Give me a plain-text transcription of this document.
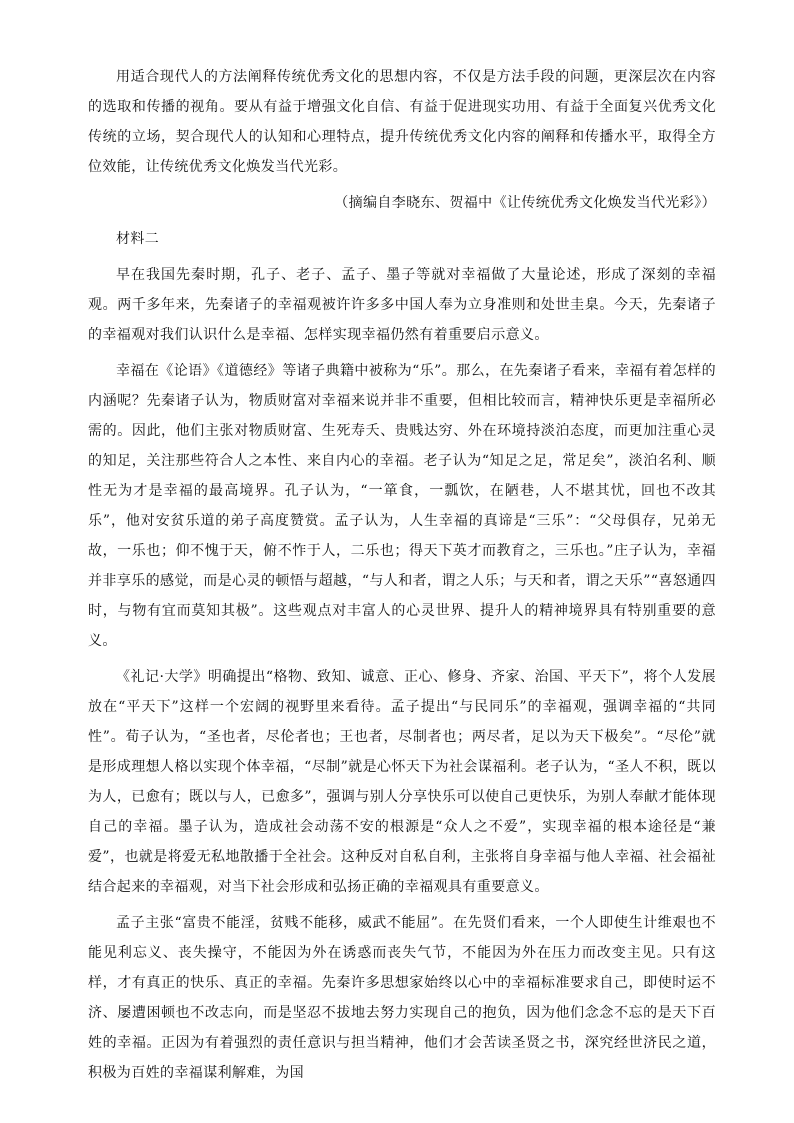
用适合现代人的方法阐释传统优秀文化的思想内容，不仅是方法手段的问题，更深层次在内容的选取和传播的视角。要从有益于增强文化自信、有益于促进现实功用、有益于全面复兴优秀文化传统的立场，契合现代人的认知和心理特点，提升传统优秀文化内容的阐释和传播水平，取得全方位效能，让传统优秀文化焕发当代光彩。

（摘编自李晓东、贺福中《让传统优秀文化焕发当代光彩》）

材料二

早在我国先秦时期，孔子、老子、孟子、墨子等就对幸福做了大量论述，形成了深刻的幸福观。两千多年来，先秦诸子的幸福观被许许多多中国人奉为立身准则和处世圭臬。今天，先秦诸子的幸福观对我们认识什么是幸福、怎样实现幸福仍然有着重要启示意义。

幸福在《论语》《道德经》等诸子典籍中被称为“乐”。那么，在先秦诸子看来，幸福有着怎样的内涵呢？先秦诸子认为，物质财富对幸福来说并非不重要，但相比较而言，精神快乐更是幸福所必需的。因此，他们主张对物质财富、生死寿夭、贵贱达穷、外在环境持淡泊态度，而更加注重心灵的知足，关注那些符合人之本性、来自内心的幸福。老子认为“知足之足，常足矣”，淡泊名利、顺性无为才是幸福的最高境界。孔子认为，“一箪食，一瓢饮，在陋巷，人不堪其忧，回也不改其乐”，他对安贫乐道的弟子高度赞赏。孟子认为，人生幸福的真谛是“三乐”：“父母俱存，兄弟无故，一乐也；仰不愧于天，俯不怍于人，二乐也；得天下英才而教育之，三乐也。”庄子认为，幸福并非享乐的感觉，而是心灵的顿悟与超越，“与人和者，谓之人乐；与天和者，谓之天乐”“喜怒通四时，与物有宜而莫知其极”。这些观点对丰富人的心灵世界、提升人的精神境界具有特别重要的意义。

《礼记·大学》明确提出“格物、致知、诚意、正心、修身、齐家、治国、平天下”，将个人发展放在“平天下”这样一个宏阔的视野里来看待。孟子提出“与民同乐”的幸福观，强调幸福的“共同性”。荀子认为，“圣也者，尽伦者也；王也者，尽制者也；两尽者，足以为天下极矣”。“尽伦”就是形成理想人格以实现个体幸福，“尽制”就是心怀天下为社会谋福利。老子认为，“圣人不积，既以为人，已愈有；既以与人，已愈多”，强调与别人分享快乐可以使自己更快乐，为别人奉献才能体现自己的幸福。墨子认为，造成社会动荡不安的根源是“众人之不爱”，实现幸福的根本途径是“兼爱”，也就是将爱无私地散播于全社会。这种反对自私自利，主张将自身幸福与他人幸福、社会福祉结合起来的幸福观，对当下社会形成和弘扬正确的幸福观具有重要意义。

孟子主张“富贵不能淫，贫贱不能移，威武不能屈”。在先贤们看来，一个人即使生计维艰也不能见利忘义、丧失操守，不能因为外在诱惑而丧失气节，不能因为外在压力而改变主见。只有这样，才有真正的快乐、真正的幸福。先秦许多思想家始终以心中的幸福标准要求自己，即使时运不济、屡遭困顿也不改志向，而是坚忍不拔地去努力实现自己的抱负，因为他们念念不忘的是天下百姓的幸福。正因为有着强烈的责任意识与担当精神，他们才会苦读圣贤之书，深究经世济民之道，积极为百姓的幸福谋利解难，为国
